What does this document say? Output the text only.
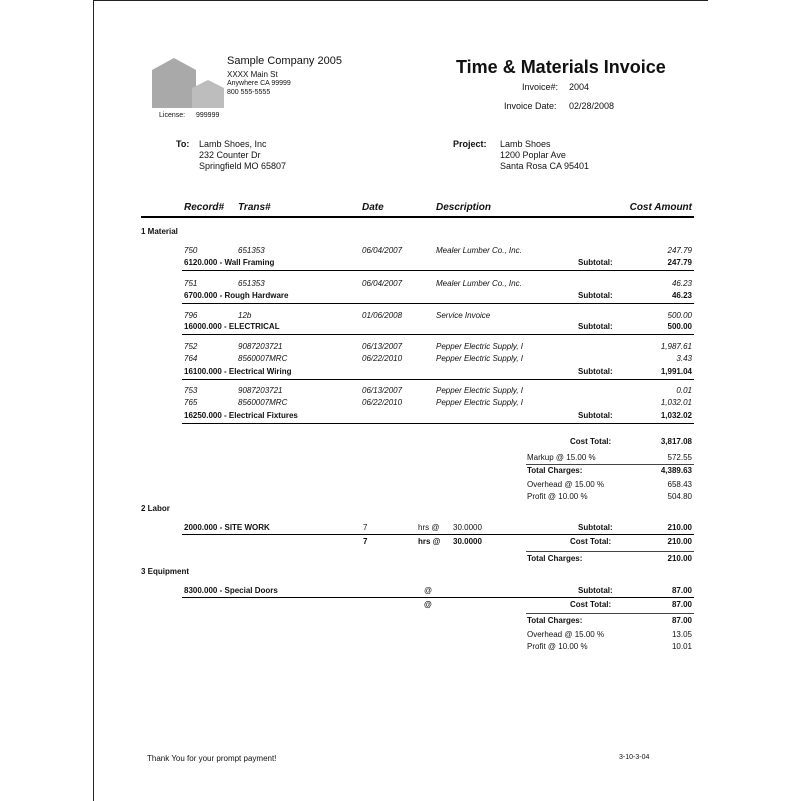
Sample Company 2005
XXXX Main St
Anywhere CA 99999
800 555-5555
License: 999999
Time & Materials Invoice
Invoice#: 2004
Invoice Date: 02/28/2008
To: Lamb Shoes, Inc
232 Counter Dr
Springfield MO 65807
Project: Lamb Shoes
1200 Poplar Ave
Santa Rosa CA 95401
Record# Trans#	Date	Description	Cost Amount
1 Material
750	651353	06/04/2007	Mealer Lumber Co., Inc.	247.79
6120.000 - Wall Framing	Subtotal:	247.79
751	651353	06/04/2007	Mealer Lumber Co., Inc.	46.23
6700.000 - Rough Hardware	Subtotal:	46.23
796	12b	01/06/2008	Service Invoice	500.00
16000.000 - ELECTRICAL	Subtotal:	500.00
752	9087203721	06/13/2007	Pepper Electric Supply, I	1,987.61
764	8560007MRC	06/22/2010	Pepper Electric Supply, I	3.43
16100.000 - Electrical Wiring	Subtotal:	1,991.04
753	9087203721	06/13/2007	Pepper Electric Supply, I	0.01
765	8560007MRC	06/22/2010	Pepper Electric Supply, I	1,032.01
16250.000 - Electrical Fixtures	Subtotal:	1,032.02
Cost Total:	3,817.08
Markup @ 15.00 %	572.55
Total Charges:	4,389.63
Overhead @ 15.00 %	658.43
Profit @ 10.00 %	504.80
2 Labor
2000.000 - SITE WORK	7	hrs @ 30.0000	Subtotal:	210.00
7	hrs @ 30.0000	Cost Total:	210.00
Total Charges:	210.00
3 Equipment
8300.000 - Special Doors	@	Subtotal:	87.00
@	Cost Total:	87.00
Total Charges:	87.00
Overhead @ 15.00 %	13.05
Profit @ 10.00 %	10.01
Thank You for your prompt payment!	3-10-3-04
